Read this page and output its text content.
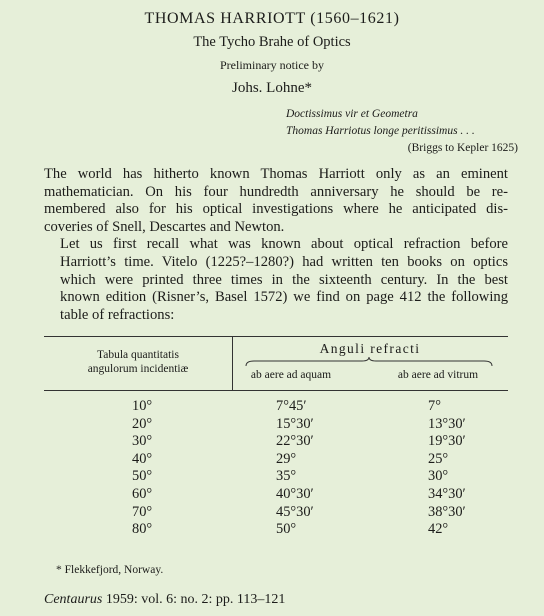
THOMAS HARRIOTT (1560–1621)
The Tycho Brahe of Optics
Preliminary notice by
Johs. Lohne*
Doctissimus vir et Geometra
Thomas Harriotus longe peritissimus . . .
(Briggs to Kepler 1625)

The world has hitherto known Thomas Harriott only as an eminent
mathematician. On his four hundredth anniversary he should be re-
membered also for his optical investigations where he anticipated dis-
coveries of Snell, Descartes and Newton.

Let us first recall what was known about optical refraction before
Harriott’s time. Vitelo (1225?–1280?) had written ten books on optics
which were printed three times in the sixteenth century. In the best
known edition (Risner’s, Basel 1572) we find on page 412 the following
table of refractions:

Tabula quantitatis
angulorum incidentiæ
Anguli refracti
ab aere ad aquam	ab aere ad vitrum
10°	7°45′	7°
20°	15°30′	13°30′
30°	22°30′	19°30′
40°	29°	25°
50°	35°	30°
60°	40°30′	34°30′
70°	45°30′	38°30′
80°	50°	42°
* Flekkefjord, Norway.
Centaurus 1959: vol. 6: no. 2: pp. 113–121
